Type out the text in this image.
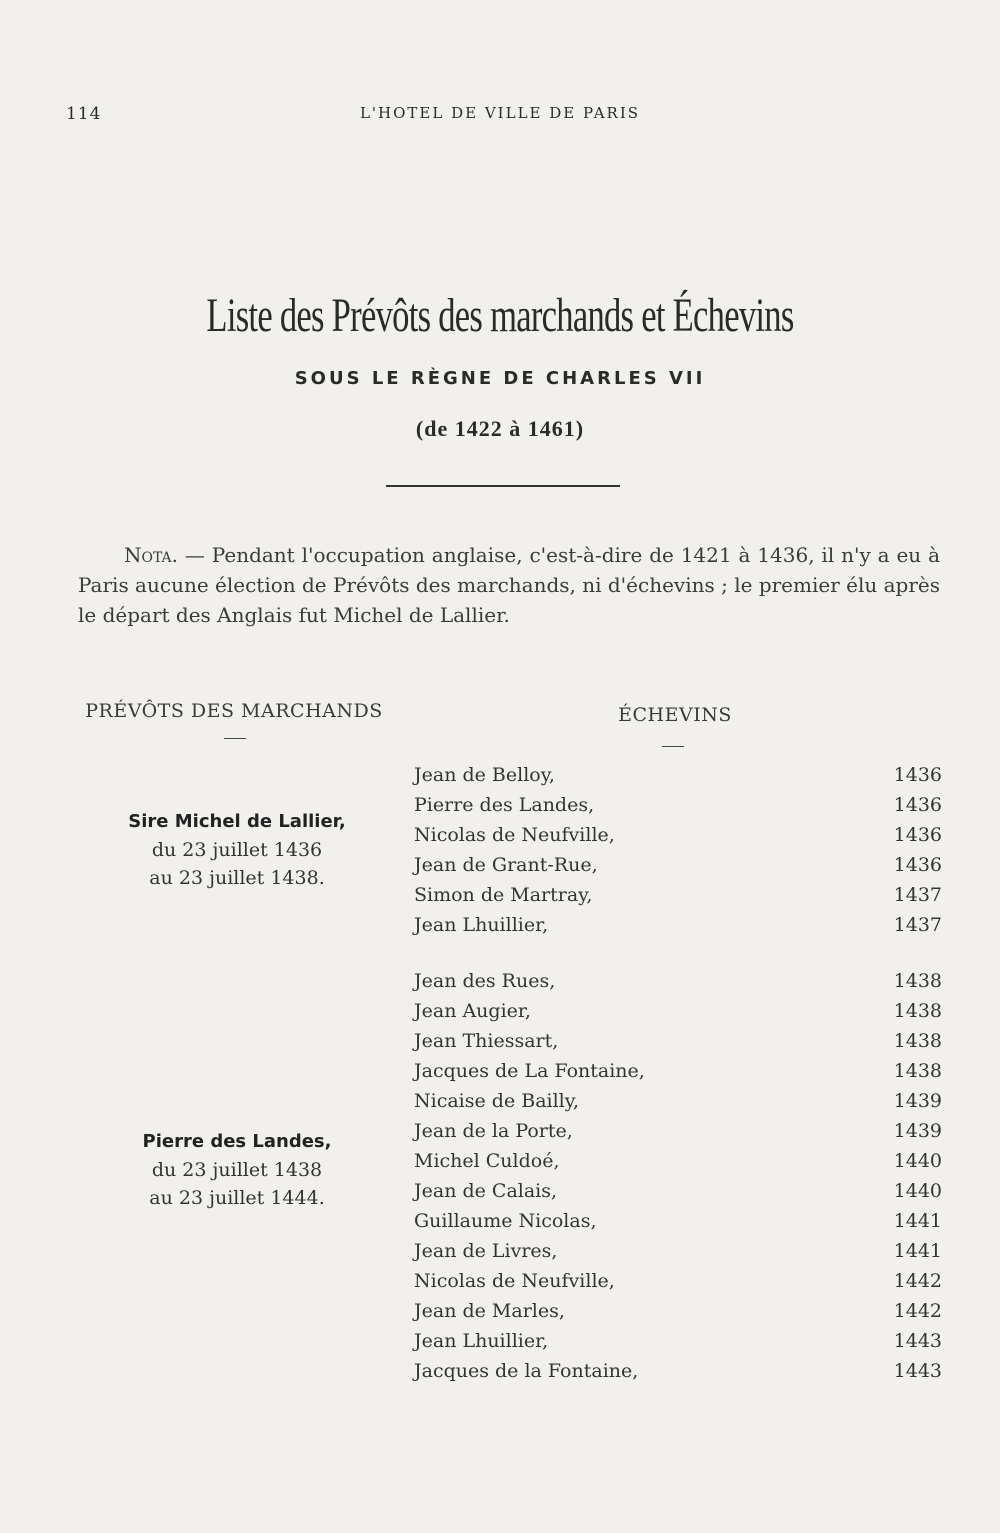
114	L'HOTEL DE VILLE DE PARIS
Liste des Prévôts des marchands et Échevins
SOUS LE RÈGNE DE CHARLES VII
(de 1422 à 1461)

Nota. — Pendant l'occupation anglaise, c'est-à-dire de 1421 à 1436, il n'y a eu à Paris aucune élection de Prévôts des marchands, ni d'échevins ; le premier élu après le départ des Anglais fut Michel de Lallier.

PRÉVÔTS DES MARCHANDS	ÉCHEVINS
Sire Michel de Lallier,
du 23 juillet 1436
au 23 juillet 1438.
Pierre des Landes,
du 23 juillet 1438
au 23 juillet 1444.
Jean de Belloy,	1436
Pierre des Landes,	1436
Nicolas de Neufville,	1436
Jean de Grant-Rue,	1436
Simon de Martray,	1437
Jean Lhuillier,	1437
Jean des Rues,	1438
Jean Augier,	1438
Jean Thiessart,	1438
Jacques de La Fontaine,	1438
Nicaise de Bailly,	1439
Jean de la Porte,	1439
Michel Culdoé,	1440
Jean de Calais,	1440
Guillaume Nicolas,	1441
Jean de Livres,	1441
Nicolas de Neufville,	1442
Jean de Marles,	1442
Jean Lhuillier,	1443
Jacques de la Fontaine,	1443
